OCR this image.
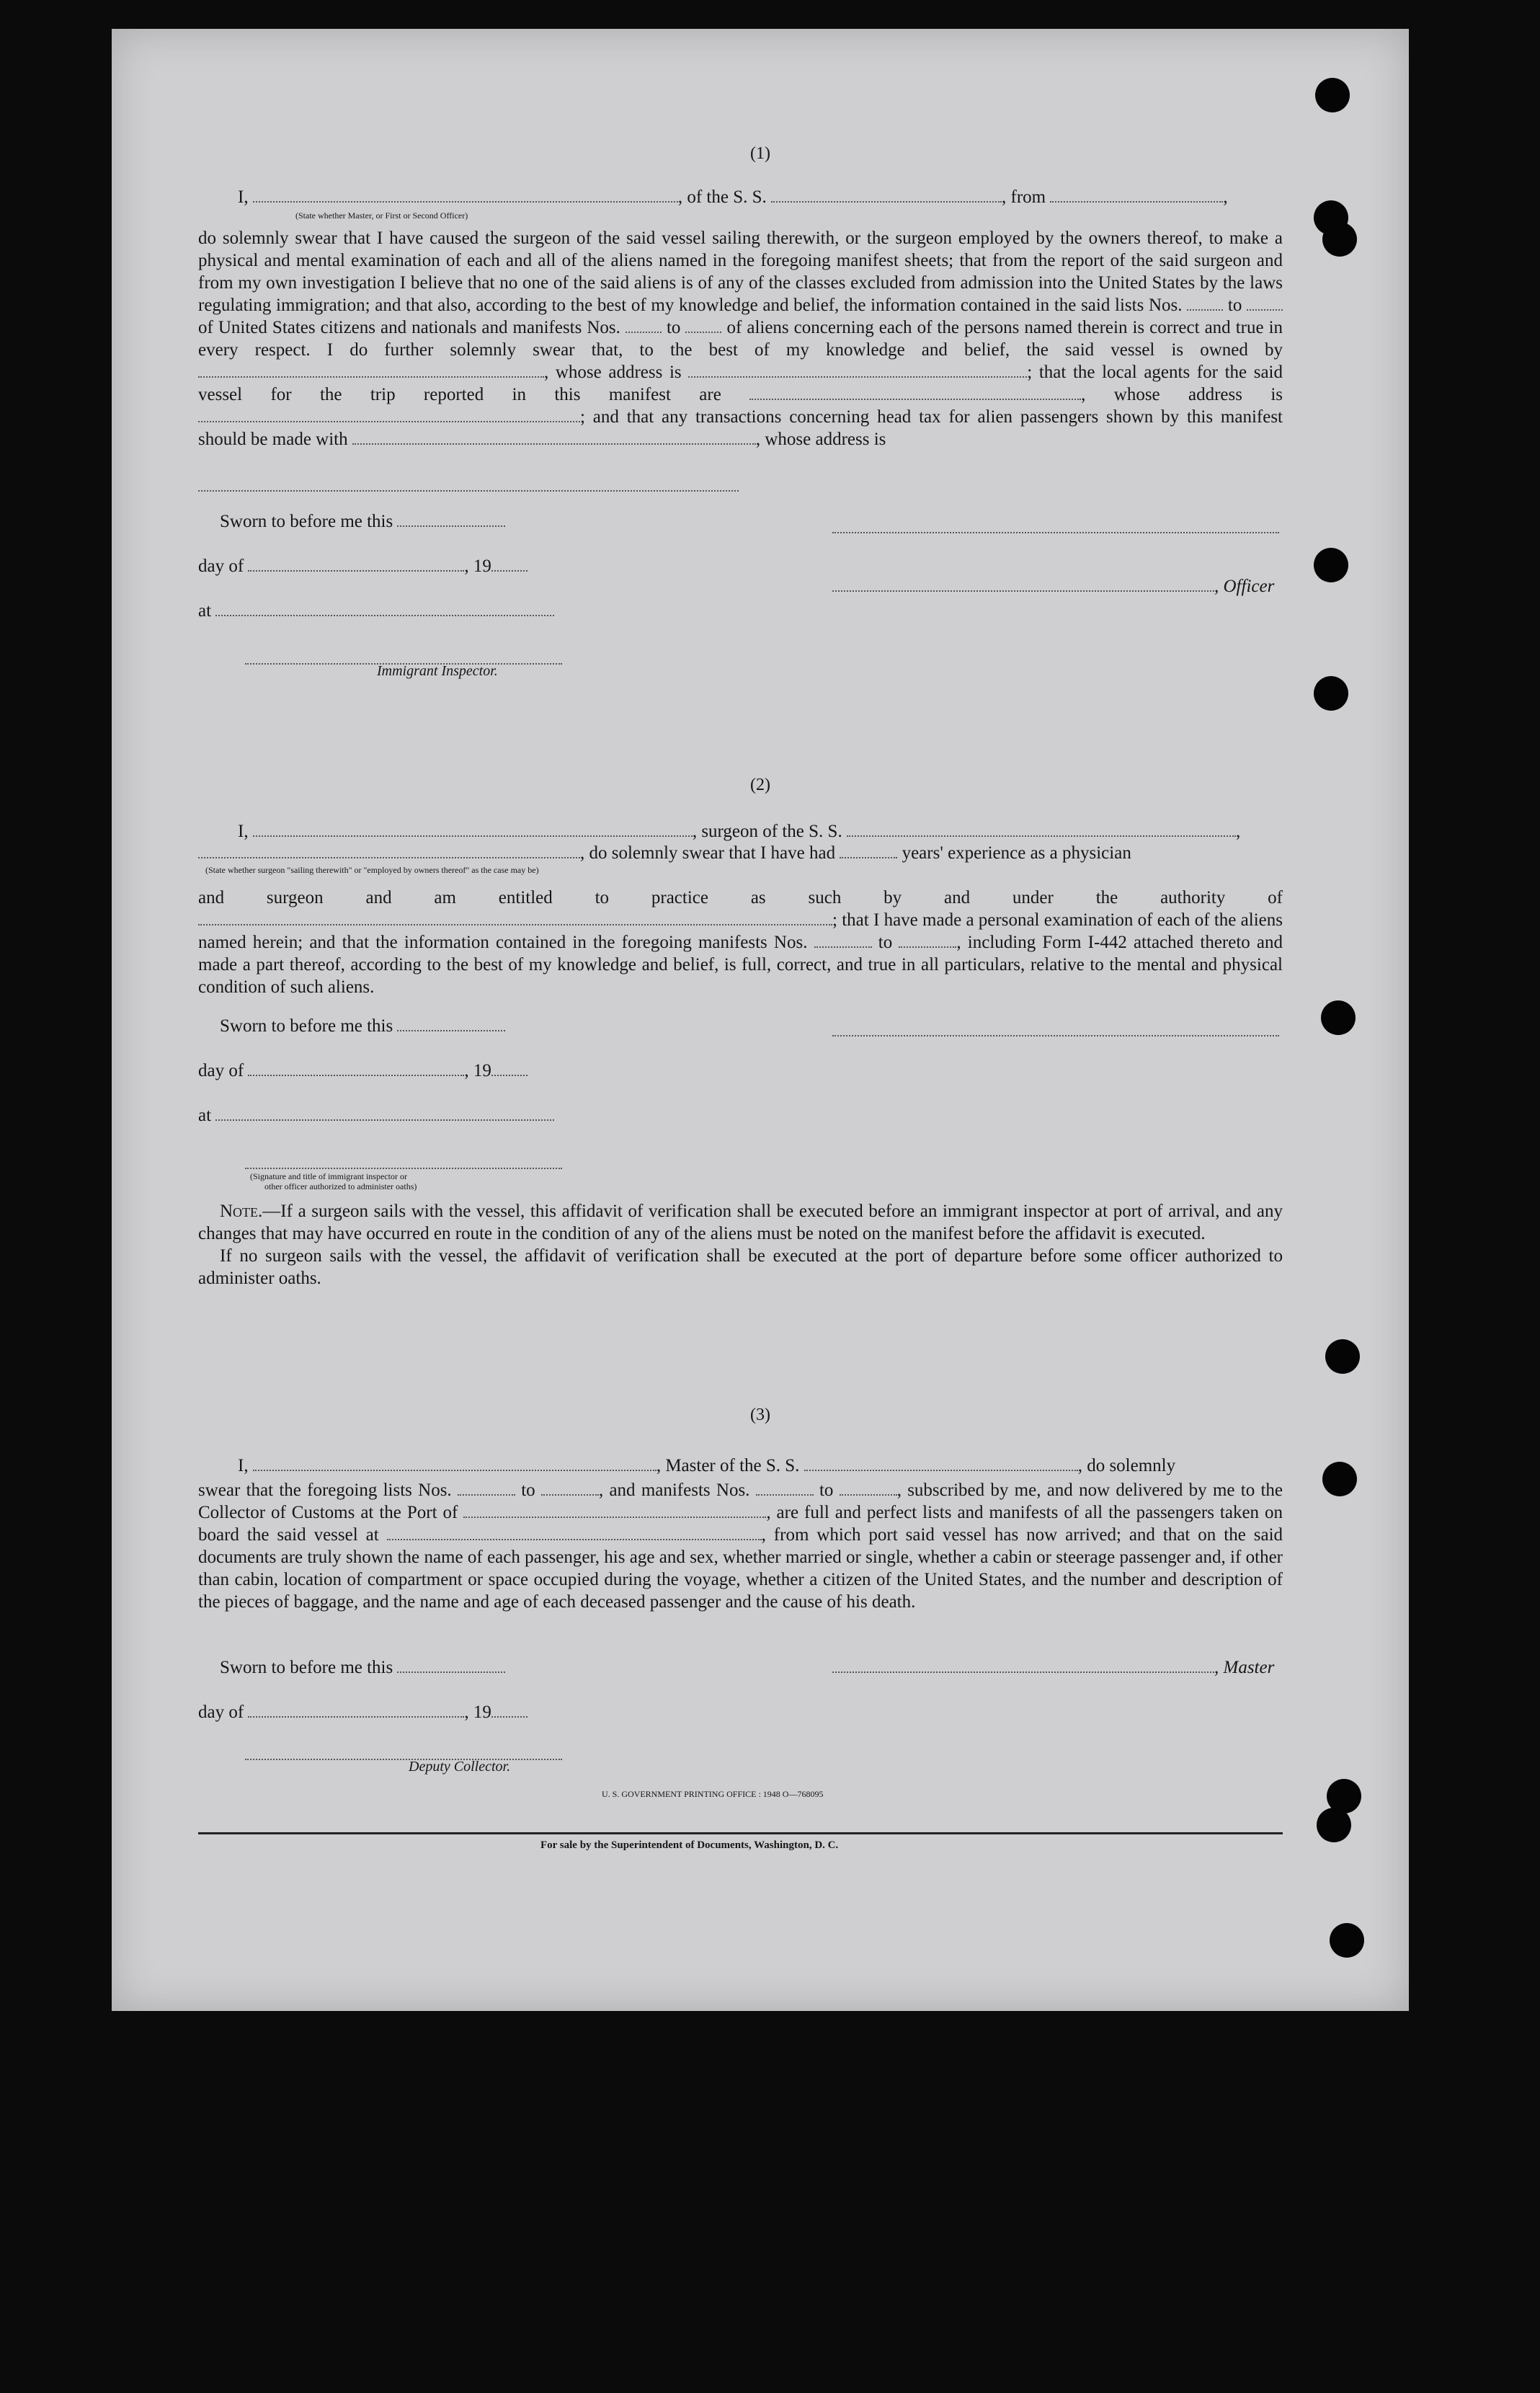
(1)
I,	, of the S. S.	, from	,
(State whether Master, or First or Second Officer)

do solemnly swear that I have caused the surgeon of the said vessel sailing therewith, or the surgeon employed by the owners thereof, to make a physical and mental examination of each and all of the aliens named in the foregoing manifest sheets; that from the report of the said surgeon and from my own investigation I believe that no one of the said aliens is of any of the classes excluded from admission into the United States by the laws regulating immigration; and that also, according to the best of my knowledge and belief, the information contained in the said lists Nos.	to  of United States citizens and nationals and manifests Nos.	to	of aliens concerning each of the persons named therein is correct and true in every respect. I do further solemnly swear that, to the best of my knowledge and belief, the said vessel is owned by , whose address is	; that the local agents for the said vessel for the trip reported in this manifest are	, whose address is ; and that any transactions concerning head tax for alien passengers shown by this manifest should be made with	, whose address is

Sworn to before me this
day of	, 19
, Officer
at
Immigrant Inspector.
(2)
I,	, surgeon of the S. S.	,
, do solemnly swear that I have had	years' experience as a physician
(State whether surgeon "sailing therewith" or "employed by owners thereof" as the case may be)

and surgeon and am entitled to practice as such by and under the authority of ; that I have made a personal examination of each of the aliens named herein; and that the information contained in the foregoing manifests Nos.	to	, including Form I-442 attached thereto and made a part thereof, according to the best of my knowledge and belief, is full, correct, and true in all particulars, relative to the mental and physical condition of such aliens.

Sworn to before me this
day of	, 19
at
(Signature and title of immigrant inspector or
other officer authorized to administer oaths)

Note.—If a surgeon sails with the vessel, this affidavit of verification shall be executed before an immigrant inspector at port of arrival, and any changes that may have occurred en route in the condition of any of the aliens must be noted on the manifest before the affidavit is executed.

If no surgeon sails with the vessel, the affidavit of verification shall be executed at the port of departure before some officer authorized to administer oaths.

(3)
I,	, Master of the S. S.	, do solemnly

swear that the foregoing lists Nos.	to	, and manifests Nos.	to	, subscribed by me, and now delivered by me to the Collector of Customs at the Port of	, are full and perfect lists and manifests of all the passengers taken on board the said vessel at	, from which port said vessel has now arrived; and that on the said documents are truly shown the name of each passenger, his age and sex, whether married or single, whether a cabin or steerage passenger and, if other than cabin, location of compartment or space occupied during the voyage, whether a citizen of the United States, and the number and description of the pieces of baggage, and the name and age of each deceased passenger and the cause of his death.

Sworn to before me this	, Master
day of	, 19
Deputy Collector.
U. S. GOVERNMENT PRINTING OFFICE : 1948 O—768095
For sale by the Superintendent of Documents, Washington, D. C.
